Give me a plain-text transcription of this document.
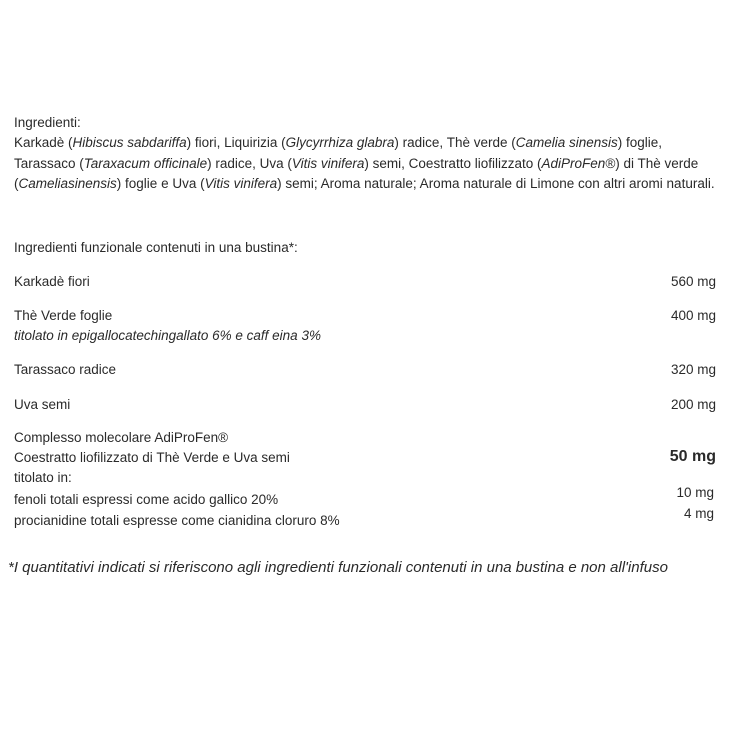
Ingredienti:
Karkadè (Hibiscus sabdariffa) fiori, Liquirizia (Glycyrrhiza glabra) radice, Thè verde (Camelia sinensis) foglie, Tarassaco (Taraxacum officinale) radice, Uva (Vitis vinifera) semi, Coestratto liofilizzato (AdiProFen®) di Thè verde (Cameliasinensis) foglie e Uva (Vitis vinifera) semi; Aroma naturale; Aroma naturale di Limone con altri aromi naturali.
Ingredienti funzionale contenuti in una bustina*:
Karkadè fiori	560 mg
Thè Verde foglie	400 mg
titolato in epigallocatechingallato 6% e caff eina 3%
Tarassaco radice	320 mg
Uva semi	200 mg
Complesso molecolare AdiProFen®
Coestratto liofilizzato di Thè Verde e Uva semi	50 mg
titolato in:
fenoli totali espressi come acido gallico 20%	10 mg
procianidine totali espresse come cianidina cloruro 8%	4 mg
*I quantitativi indicati si riferiscono agli ingredienti funzionali contenuti in una bustina e non all'infuso
